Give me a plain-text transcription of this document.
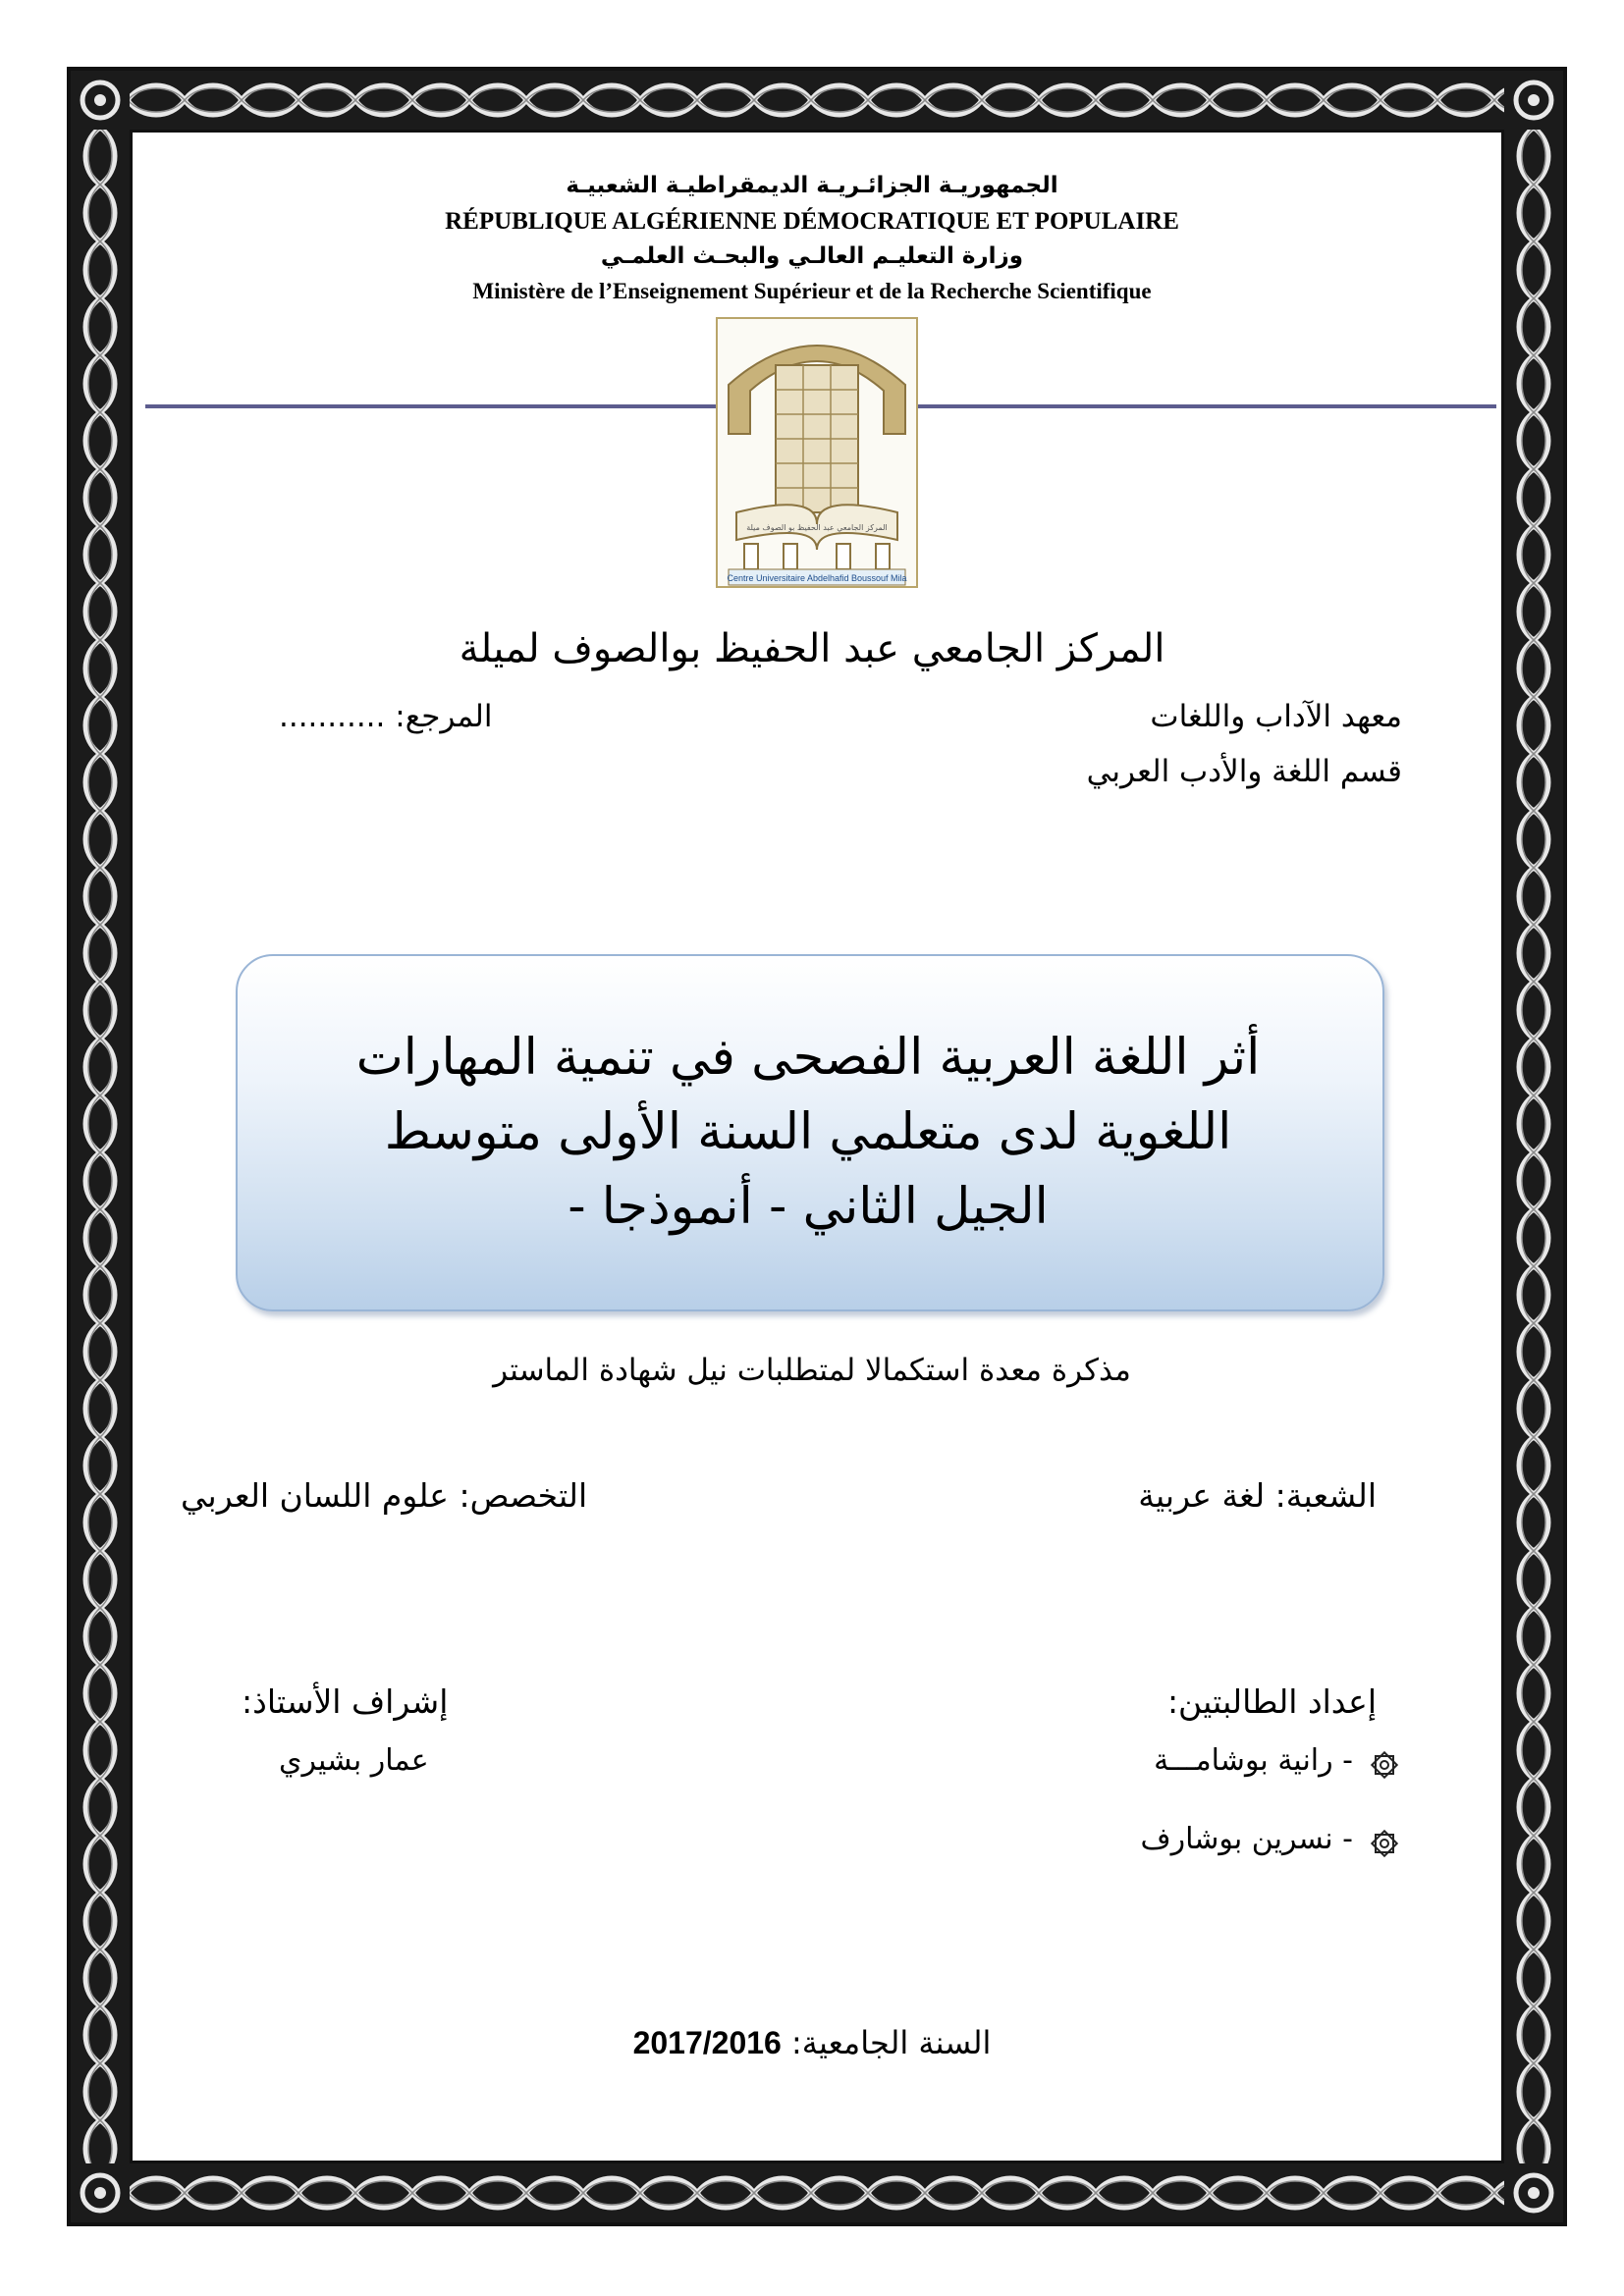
الجمهوريـة الجزائـريـة الديمقراطيـة الشعبيـة
RÉPUBLIQUE ALGÉRIENNE DÉMOCRATIQUE ET POPULAIRE
وزارة التعليـم العالـي والبحـث العلمـي
Ministère de l’Enseignement Supérieur et de la Recherche Scientifique
المركز الجامعي عبد الحفيظ بو الصوف ميلة
Centre Universitaire Abdelhafid Boussouf Mila
المركز الجامعي عبد الحفيظ بوالصوف لميلة
معهد الآداب واللغات
المرجع: ...........
قسم اللغة والأدب العربي
أثر اللغة العربية الفصحى في تنمية المهارات
اللغوية لدى متعلمي السنة الأولى متوسط
الجيل الثاني - أنموذجا -
مذكرة معدة استكمالا لمتطلبات نيل شهادة الماستر
الشعبة: لغة عربية
التخصص: علوم اللسان العربي
إعداد الطالبتين:
- رانية بوشامـــة
- نسرين بوشارف
إشراف الأستاذ:
عمار بشيري
السنة الجامعية: 2017/2016
